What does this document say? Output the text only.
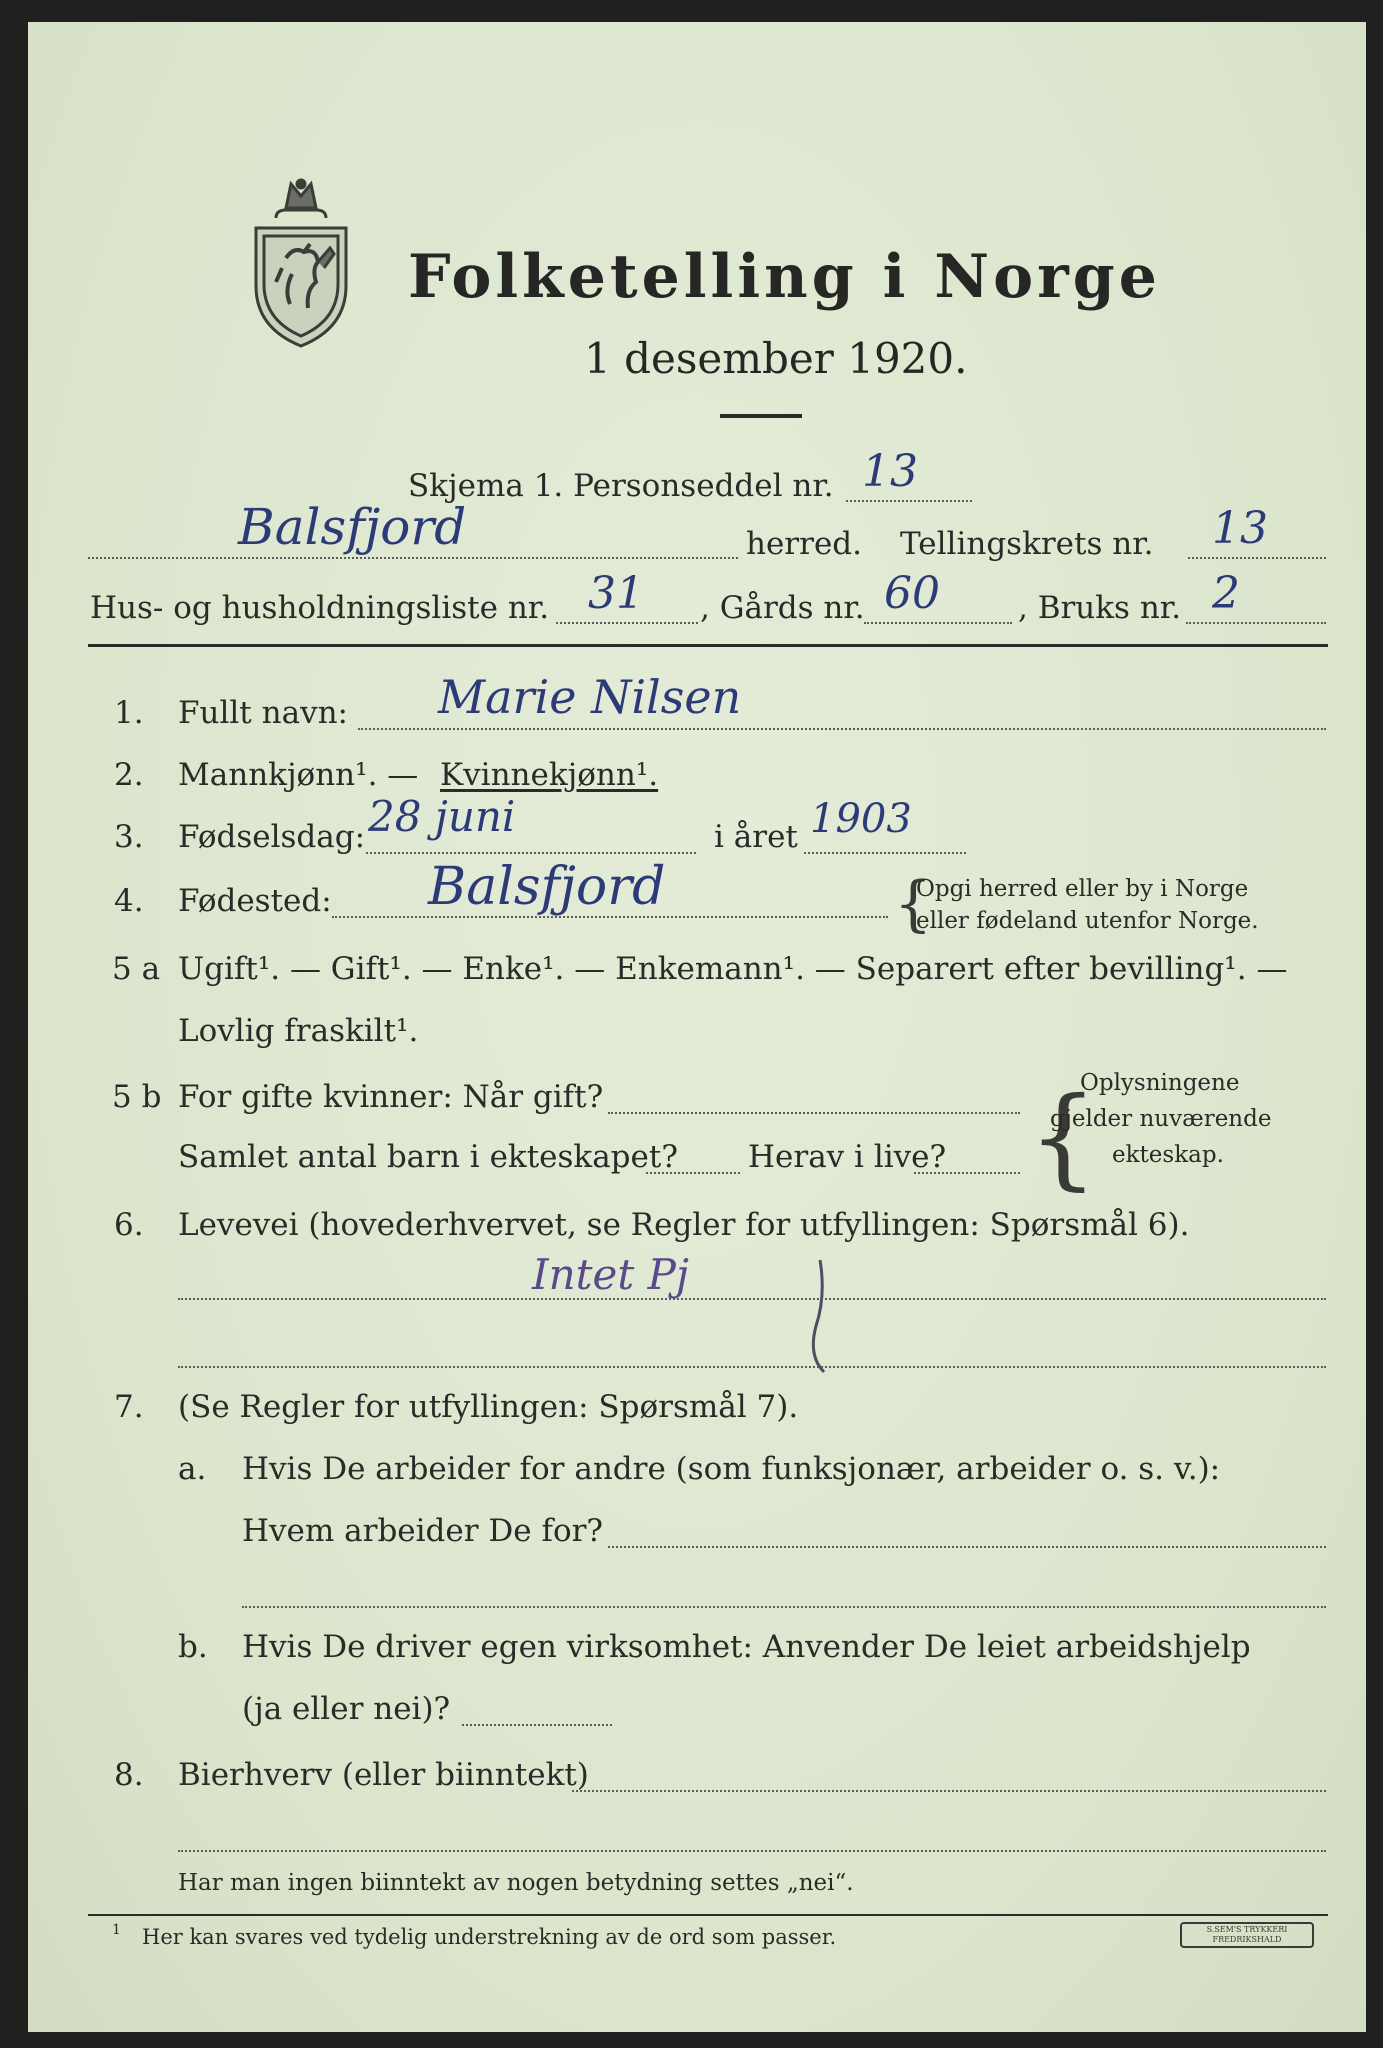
Folketelling i Norge
1 desember 1920.
Skjema 1. Personseddel nr. 13
Balsfjord	herred. Tellingskrets nr. 13
Hus- og husholdningsliste nr. 31 , Gårds nr. 60	, Bruks nr. 2
1. Fullt navn: Marie Nilsen
2. Mannkjønn¹. — Kvinnekjønn¹.
3. Fødselsdag: 28 juni	i året 1903
4. Fødested: Balsfjord	{
Opgi herred eller by i Norge
eller fødeland utenfor Norge.
5 a Ugift¹. — Gift¹. — Enke¹. — Enkemann¹. — Separert efter bevilling¹. —
Lovlig fraskilt¹.
5 b For gifte kvinner: Når gift?
Samlet antal barn i ekteskapet? Herav i live? {
Oplysningene
gjelder nuværende
ekteskap.
6. Levevei (hovederhvervet, se Regler for utfyllingen: Spørsmål 6).
Intet Pj
7. (Se Regler for utfyllingen: Spørsmål 7).
a. Hvis De arbeider for andre (som funksjonær, arbeider o. s. v.):
Hvem arbeider De for?
b. Hvis De driver egen virksomhet: Anvender De leiet arbeidshjelp
(ja eller nei)?
8. Bierhverv (eller biinntekt)
Har man ingen biinntekt av nogen betydning settes „nei“.
1 Her kan svares ved tydelig understrekning av de ord som passer.	S.SEM'S TRYKKERI FREDRIKSHALD
